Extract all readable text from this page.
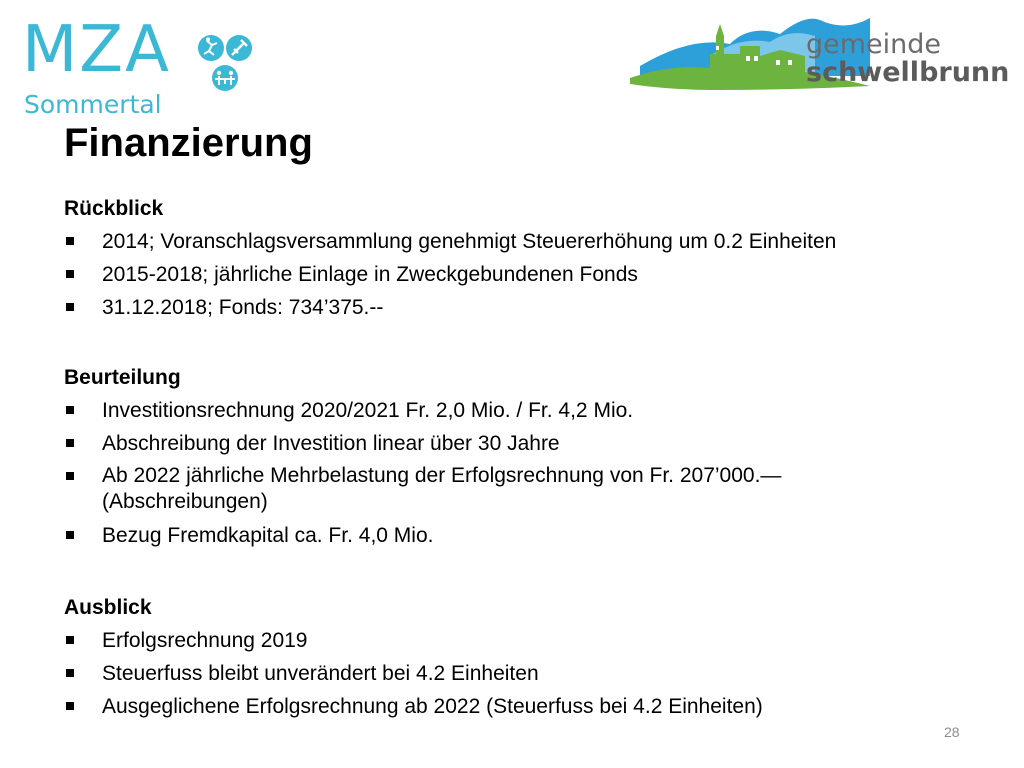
MZA
Sommertal
gemeinde
schwellbrunn
Finanzierung
Rückblick
2014; Voranschlagsversammlung genehmigt Steuererhöhung um 0.2 Einheiten
2015-2018; jährliche Einlage in Zweckgebundenen Fonds
31.12.2018; Fonds: 734’375.--
Beurteilung
Investitionsrechnung 2020/2021 Fr. 2,0 Mio. / Fr. 4,2 Mio.
Abschreibung der Investition linear über 30 Jahre
Ab 2022 jährliche Mehrbelastung der Erfolgsrechnung von Fr. 207’000.— (Abschreibungen)
Bezug Fremdkapital ca. Fr. 4,0 Mio.
Ausblick
Erfolgsrechnung 2019
Steuerfuss bleibt unverändert bei 4.2 Einheiten
Ausgeglichene Erfolgsrechnung ab 2022 (Steuerfuss bei 4.2 Einheiten)
28
